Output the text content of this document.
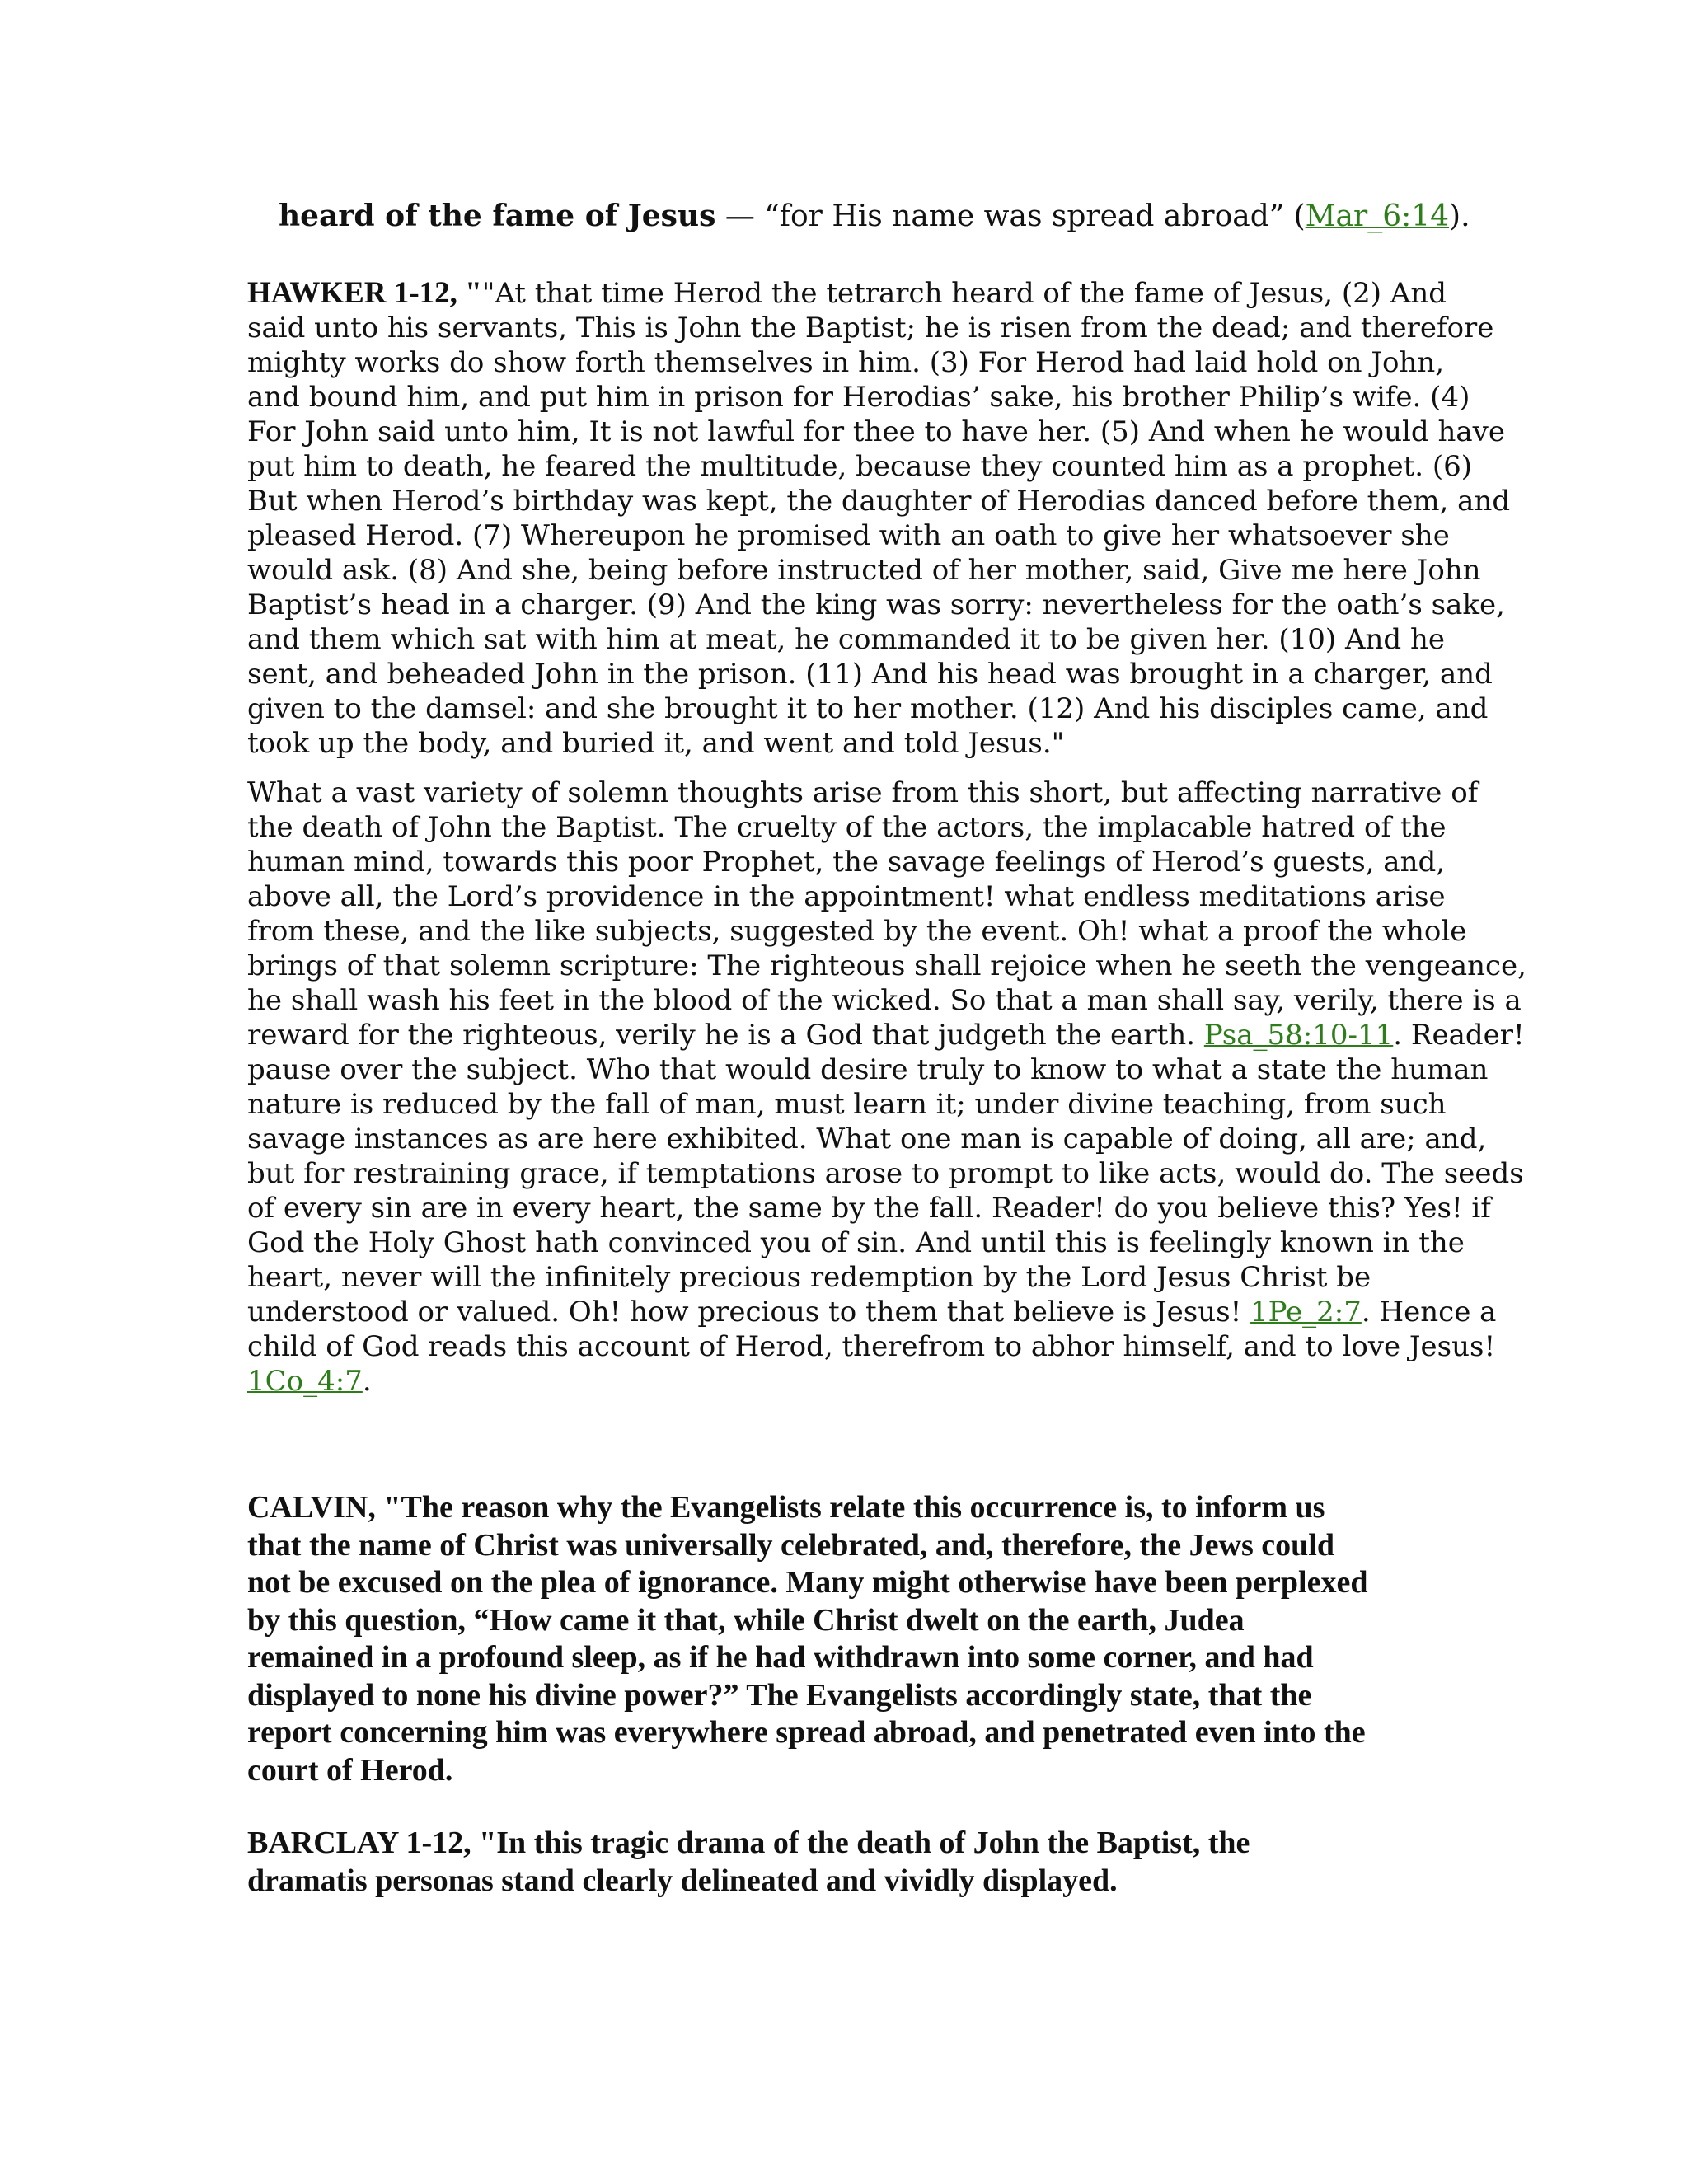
heard of the fame of Jesus — “for His name was spread abroad” (Mar_6:14).

HAWKER 1-12, ""At that time Herod the tetrarch heard of the fame of Jesus, (2) And
said unto his servants, This is John the Baptist; he is risen from the dead; and therefore
mighty works do show forth themselves in him. (3) For Herod had laid hold on John,
and bound him, and put him in prison for Herodias’ sake, his brother Philip’s wife. (4)
For John said unto him, It is not lawful for thee to have her. (5) And when he would have
put him to death, he feared the multitude, because they counted him as a prophet. (6)
But when Herod’s birthday was kept, the daughter of Herodias danced before them, and
pleased Herod. (7) Whereupon he promised with an oath to give her whatsoever she
would ask. (8) And she, being before instructed of her mother, said, Give me here John
Baptist’s head in a charger. (9) And the king was sorry: nevertheless for the oath’s sake,
and them which sat with him at meat, he commanded it to be given her. (10) And he
sent, and beheaded John in the prison. (11) And his head was brought in a charger, and
given to the damsel: and she brought it to her mother. (12) And his disciples came, and
took up the body, and buried it, and went and told Jesus."

What a vast variety of solemn thoughts arise from this short, but affecting narrative of
the death of John the Baptist. The cruelty of the actors, the implacable hatred of the
human mind, towards this poor Prophet, the savage feelings of Herod’s guests, and,
above all, the Lord’s providence in the appointment! what endless meditations arise
from these, and the like subjects, suggested by the event. Oh! what a proof the whole
brings of that solemn scripture: The righteous shall rejoice when he seeth the vengeance,
he shall wash his feet in the blood of the wicked. So that a man shall say, verily, there is a
reward for the righteous, verily he is a God that judgeth the earth. Psa_58:10-11. Reader!
pause over the subject. Who that would desire truly to know to what a state the human
nature is reduced by the fall of man, must learn it; under divine teaching, from such
savage instances as are here exhibited. What one man is capable of doing, all are; and,
but for restraining grace, if temptations arose to prompt to like acts, would do. The seeds
of every sin are in every heart, the same by the fall. Reader! do you believe this? Yes! if
God the Holy Ghost hath convinced you of sin. And until this is feelingly known in the
heart, never will the infinitely precious redemption by the Lord Jesus Christ be
understood or valued. Oh! how precious to them that believe is Jesus! 1Pe_2:7. Hence a
child of God reads this account of Herod, therefrom to abhor himself, and to love Jesus!
1Co_4:7.

CALVIN, "The reason why the Evangelists relate this occurrence is, to inform us
that the name of Christ was universally celebrated, and, therefore, the Jews could
not be excused on the plea of ignorance. Many might otherwise have been perplexed
by this question, “How came it that, while Christ dwelt on the earth, Judea
remained in a profound sleep, as if he had withdrawn into some corner, and had
displayed to none his divine power?” The Evangelists accordingly state, that the
report concerning him was everywhere spread abroad, and penetrated even into the
court of Herod.

BARCLAY 1-12, "In this tragic drama of the death of John the Baptist, the
dramatis personas stand clearly delineated and vividly displayed.
